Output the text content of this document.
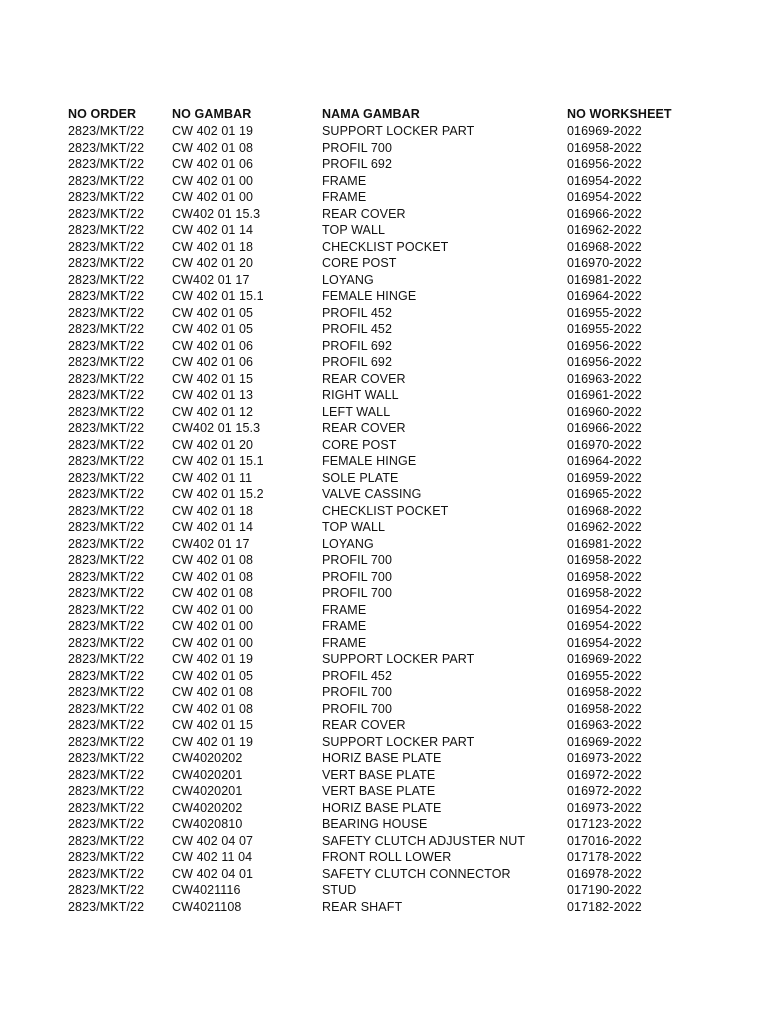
NO ORDER	NO GAMBAR	NAMA GAMBAR	NO WORKSHEET
2823/MKT/22	CW 402 01 19	SUPPORT LOCKER PART	016969-2022
2823/MKT/22	CW 402 01 08	PROFIL 700	016958-2022
2823/MKT/22	CW 402 01 06	PROFIL 692	016956-2022
2823/MKT/22	CW 402 01 00	FRAME	016954-2022
2823/MKT/22	CW 402 01 00	FRAME	016954-2022
2823/MKT/22	CW402 01 15.3	REAR COVER	016966-2022
2823/MKT/22	CW 402 01 14	TOP WALL	016962-2022
2823/MKT/22	CW 402 01 18	CHECKLIST POCKET	016968-2022
2823/MKT/22	CW 402 01 20	CORE POST	016970-2022
2823/MKT/22	CW402 01 17	LOYANG	016981-2022
2823/MKT/22	CW 402 01 15.1	FEMALE HINGE	016964-2022
2823/MKT/22	CW 402 01 05	PROFIL 452	016955-2022
2823/MKT/22	CW 402 01 05	PROFIL 452	016955-2022
2823/MKT/22	CW 402 01 06	PROFIL 692	016956-2022
2823/MKT/22	CW 402 01 06	PROFIL 692	016956-2022
2823/MKT/22	CW 402 01 15	REAR COVER	016963-2022
2823/MKT/22	CW 402 01 13	RIGHT WALL	016961-2022
2823/MKT/22	CW 402 01 12	LEFT WALL	016960-2022
2823/MKT/22	CW402 01 15.3	REAR COVER	016966-2022
2823/MKT/22	CW 402 01 20	CORE POST	016970-2022
2823/MKT/22	CW 402 01 15.1	FEMALE HINGE	016964-2022
2823/MKT/22	CW 402 01 11	SOLE PLATE	016959-2022
2823/MKT/22	CW 402 01 15.2	VALVE CASSING	016965-2022
2823/MKT/22	CW 402 01 18	CHECKLIST POCKET	016968-2022
2823/MKT/22	CW 402 01 14	TOP WALL	016962-2022
2823/MKT/22	CW402 01 17	LOYANG	016981-2022
2823/MKT/22	CW 402 01 08	PROFIL 700	016958-2022
2823/MKT/22	CW 402 01 08	PROFIL 700	016958-2022
2823/MKT/22	CW 402 01 08	PROFIL 700	016958-2022
2823/MKT/22	CW 402 01 00	FRAME	016954-2022
2823/MKT/22	CW 402 01 00	FRAME	016954-2022
2823/MKT/22	CW 402 01 00	FRAME	016954-2022
2823/MKT/22	CW 402 01 19	SUPPORT LOCKER PART	016969-2022
2823/MKT/22	CW 402 01 05	PROFIL 452	016955-2022
2823/MKT/22	CW 402 01 08	PROFIL 700	016958-2022
2823/MKT/22	CW 402 01 08	PROFIL 700	016958-2022
2823/MKT/22	CW 402 01 15	REAR COVER	016963-2022
2823/MKT/22	CW 402 01 19	SUPPORT LOCKER PART	016969-2022
2823/MKT/22	CW4020202	HORIZ BASE PLATE	016973-2022
2823/MKT/22	CW4020201	VERT BASE PLATE	016972-2022
2823/MKT/22	CW4020201	VERT BASE PLATE	016972-2022
2823/MKT/22	CW4020202	HORIZ BASE PLATE	016973-2022
2823/MKT/22	CW4020810	BEARING HOUSE	017123-2022
2823/MKT/22	CW 402 04 07	SAFETY CLUTCH ADJUSTER NUT	017016-2022
2823/MKT/22	CW 402 11 04	FRONT ROLL LOWER	017178-2022
2823/MKT/22	CW 402 04 01	SAFETY CLUTCH CONNECTOR	016978-2022
2823/MKT/22	CW4021116	STUD	017190-2022
2823/MKT/22	CW4021108	REAR SHAFT	017182-2022
